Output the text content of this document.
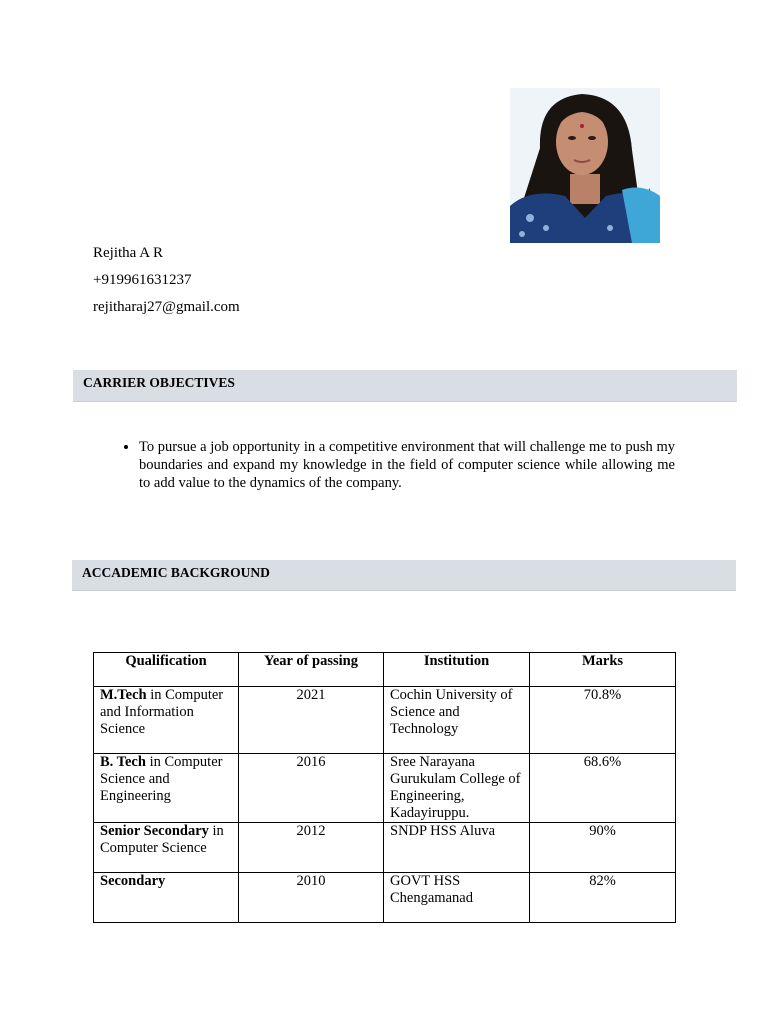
Rejitha A R
+919961631237
rejitharaj27@gmail.com
CARRIER OBJECTIVES
• To pursue a job opportunity in a competitive environment that will challenge me to push my boundaries and expand my knowledge in the field of computer science while allowing me to add value to the dynamics of the company.
ACCADEMIC BACKGROUND
Qualification	Year of passing	Institution	Marks
M.Tech in Computer and Information Science	2021	Cochin University of Science and Technology	70.8%
B. Tech in Computer Science and Engineering	2016	Sree Narayana Gurukulam College of Engineering, Kadayiruppu.	68.6%
Senior Secondary in Computer Science	2012	SNDP HSS Aluva	90%
Secondary	2010	GOVT HSS Chengamanad	82%
